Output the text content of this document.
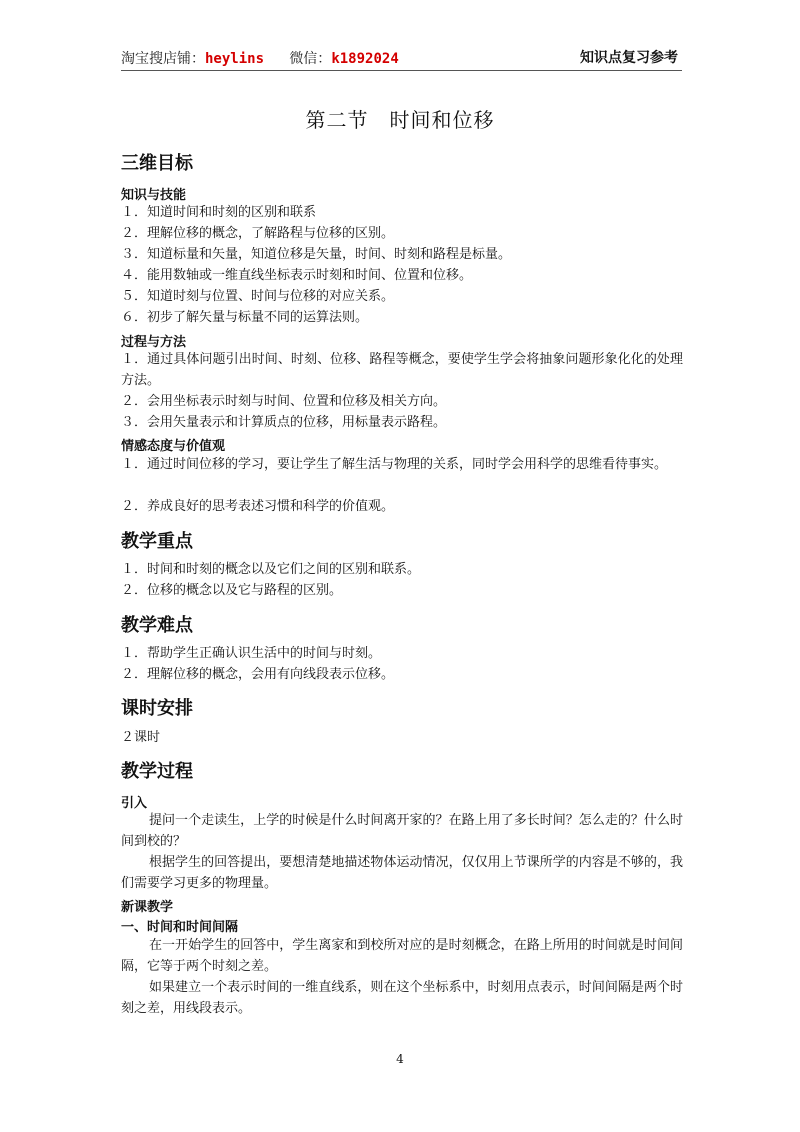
淘宝搜店铺：heylins 微信：k1892024	知识点复习参考
第二节　时间和位移
三维目标
知识与技能
１．知道时间和时刻的区别和联系
２．理解位移的概念，了解路程与位移的区别。
３．知道标量和矢量，知道位移是矢量，时间、时刻和路程是标量。
４．能用数轴或一维直线坐标表示时刻和时间、位置和位移。
５．知道时刻与位置、时间与位移的对应关系。
６．初步了解矢量与标量不同的运算法则。
过程与方法
１．通过具体问题引出时间、时刻、位移、路程等概念，要使学生学会将抽象问题形象化化的处理方法。
２．会用坐标表示时刻与时间、位置和位移及相关方向。
３．会用矢量表示和计算质点的位移，用标量表示路程。
情感态度与价值观
１．通过时间位移的学习，要让学生了解生活与物理的关系，同时学会用科学的思维看待事实。
２．养成良好的思考表述习惯和科学的价值观。
教学重点
１．时间和时刻的概念以及它们之间的区别和联系。
２．位移的概念以及它与路程的区别。
教学难点
１．帮助学生正确认识生活中的时间与时刻。
２．理解位移的概念，会用有向线段表示位移。
课时安排
２课时
教学过程
引入
提问一个走读生，上学的时候是什么时间离开家的？在路上用了多长时间？怎么走的？什么时间到校的？
根据学生的回答提出，要想清楚地描述物体运动情况，仅仅用上节课所学的内容是不够的，我们需要学习更多的物理量。
新课教学
一、时间和时间间隔
在一开始学生的回答中，学生离家和到校所对应的是时刻概念，在路上所用的时间就是时间间隔，它等于两个时刻之差。
如果建立一个表示时间的一维直线系，则在这个坐标系中，时刻用点表示，时间间隔是两个时刻之差，用线段表示。
4
